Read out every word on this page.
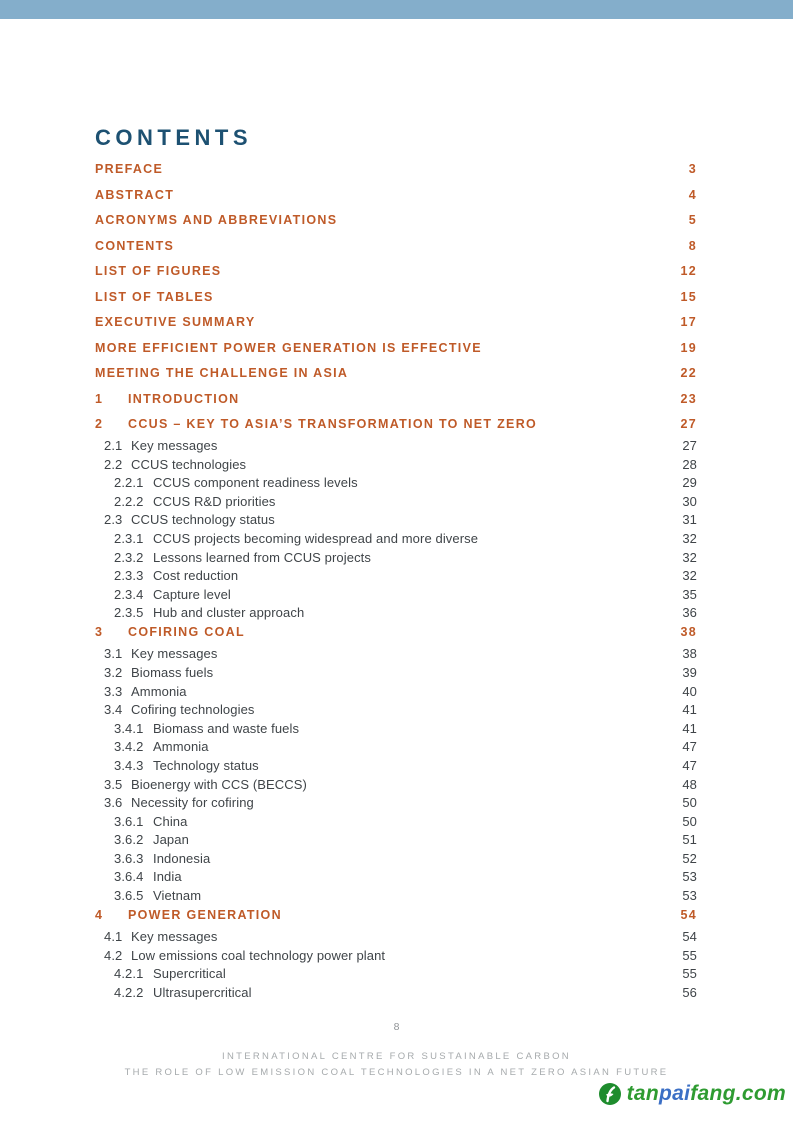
CONTENTS
PREFACE	3
ABSTRACT	4
ACRONYMS AND ABBREVIATIONS	5
CONTENTS	8
LIST OF FIGURES	12
LIST OF TABLES	15
EXECUTIVE SUMMARY	17
MORE EFFICIENT POWER GENERATION IS EFFECTIVE	19
MEETING THE CHALLENGE IN ASIA	22
1	INTRODUCTION	23
2	CCUS – KEY TO ASIA’S TRANSFORMATION TO NET ZERO	27
2.1 Key messages	27
2.2 CCUS technologies	28
2.2.1 CCUS component readiness levels	29
2.2.2 CCUS R&D priorities	30
2.3 CCUS technology status	31
2.3.1 CCUS projects becoming widespread and more diverse	32
2.3.2 Lessons learned from CCUS projects	32
2.3.3 Cost reduction	32
2.3.4 Capture level	35
2.3.5 Hub and cluster approach	36
3	COFIRING COAL	38
3.1 Key messages	38
3.2 Biomass fuels	39
3.3 Ammonia	40
3.4 Cofiring technologies	41
3.4.1 Biomass and waste fuels	41
3.4.2 Ammonia	47
3.4.3 Technology status	47
3.5 Bioenergy with CCS (BECCS)	48
3.6 Necessity for cofiring	50
3.6.1 China	50
3.6.2 Japan	51
3.6.3 Indonesia	52
3.6.4 India	53
3.6.5 Vietnam	53
4	POWER GENERATION	54
4.1 Key messages	54
4.2 Low emissions coal technology power plant	55
4.2.1 Supercritical	55
4.2.2 Ultrasupercritical	56
8
INTERNATIONAL CENTRE FOR SUSTAINABLE CARBON
THE ROLE OF LOW EMISSION COAL TECHNOLOGIES IN A NET ZERO ASIAN FUTURE
tanpaifang.com
